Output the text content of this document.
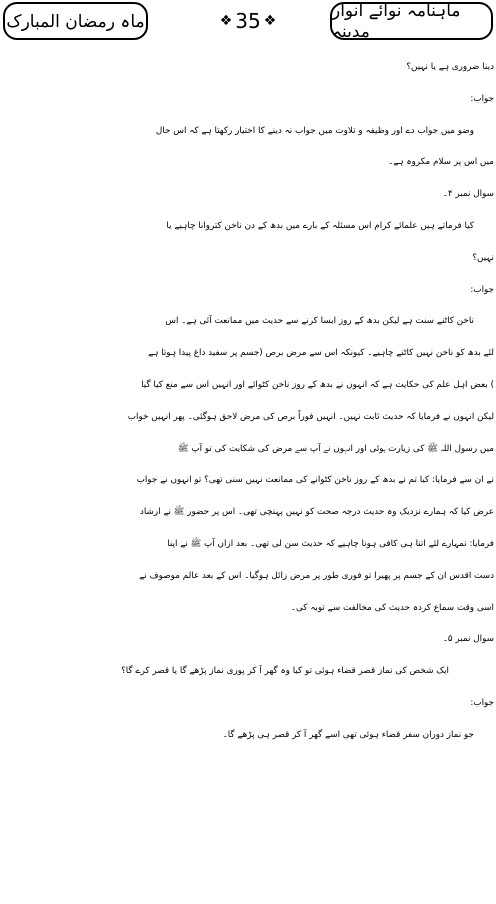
ماہ رمضان المبارک	❖ 35 ❖	ماہنامہ نوائے انوار مدینہ
دینا ضروری ہے یا نہیں؟
جواب:
وضو میں جواب دے اور وظیفہ و تلاوت میں جواب نہ دینے کا اختیار رکھتا ہے کہ اس حال
میں اس پر سلام مکروہ ہے۔
سوال نمبر ۴۔
کیا فرماتے ہیں علمائے کرام اس مسئلہ کے بارے میں بدھ کے دن ناخن کتروانا چاہیے یا
نہیں؟
جواب:
ناخن کاٹنے سنت ہے لیکن بدھ کے روز ایسا کرنے سے حدیث میں ممانعت آئی ہے۔ اس
لئے بدھ کو ناخن نہیں کاٹنے چاہیے۔ کیونکہ اس سے مرض برص (جسم پر سفید داغ پیدا ہوتا ہے
) بعض اہل علم کی حکایت ہے کہ انہوں نے بدھ کے روز ناخن کٹوائے اور انہیں اس سے منع کیا گیا
لیکن انہوں نے فرمایا کہ حدیث ثابت نہیں۔ انہیں فوراً برص کی مرض لاحق ہوگئی۔ پھر انہیں خواب
میں رسول اللہ ﷺ کی زیارت ہوئی اور انہوں نے آپ سے مرض کی شکایت کی تو آپ ﷺ
نے ان سے فرمایا: کیا تم نے بدھ کے روز ناخن کٹوانے کی ممانعت نہیں سنی تھی؟ تو انہوں نے جواب
عرض کیا کہ ہمارے نزدیک وہ حدیث درجہ صحت کو نہیں پہنچی تھی۔ اس پر حضور ﷺ نے ارشاد
فرمایا: تمہارے لئے اتنا ہی کافی ہونا چاہیے کہ حدیث سن لی تھی۔ بعد ازاں آپ ﷺ نے اپنا
دست اقدس ان کے جسم پر پھیرا تو فوری طور پر مرض زائل ہوگیا۔ اس کے بعد عالم موصوف نے
اسی وقت سماع کردہ حدیث کی مخالفت سے توبہ کی۔
سوال نمبر ۵۔
ایک شخص کی نماز قصر قضاء ہوئی تو کیا وہ گھر آ کر پوری نماز پڑھے گا یا قصر کرے گا؟
جواب:
جو نماز دوران سفر قضاء ہوئی تھی اسے گھر آ کر قصر ہی پڑھے گا۔
